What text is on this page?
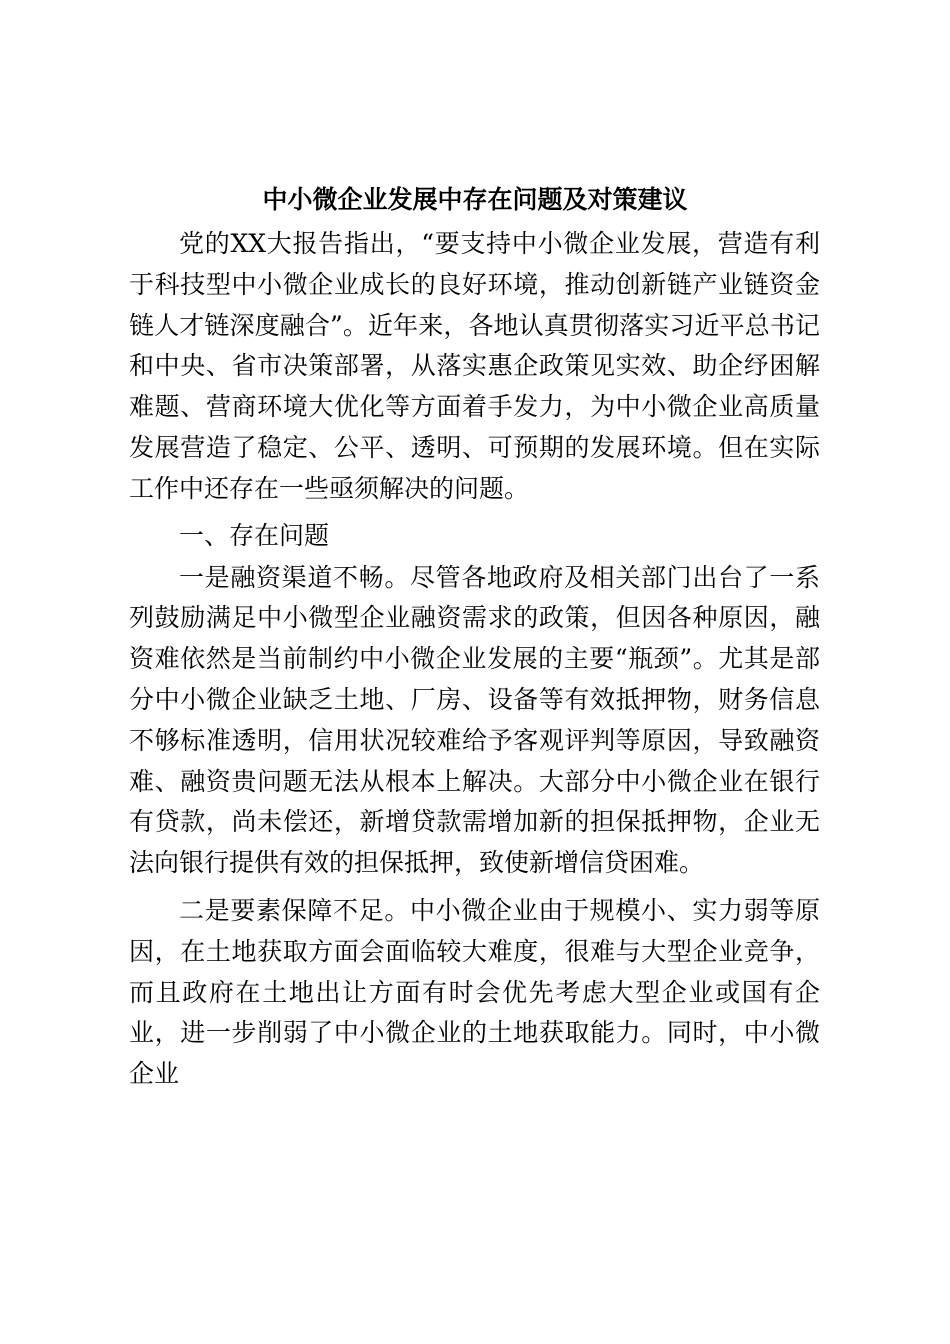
中小微企业发展中存在问题及对策建议

党的XX大报告指出，“要支持中小微企业发展，营造有利于科技型中小微企业成长的良好环境，推动创新链产业链资金链人才链深度融合”。近年来，各地认真贯彻落实习近平总书记和中央、省市决策部署，从落实惠企政策见实效、助企纾困解难题、营商环境大优化等方面着手发力，为中小微企业高质量发展营造了稳定、公平、透明、可预期的发展环境。但在实际工作中还存在一些亟须解决的问题。

一、存在问题

一是融资渠道不畅。尽管各地政府及相关部门出台了一系列鼓励满足中小微型企业融资需求的政策，但因各种原因，融资难依然是当前制约中小微企业发展的主要“瓶颈”。尤其是部分中小微企业缺乏土地、厂房、设备等有效抵押物，财务信息不够标准透明，信用状况较难给予客观评判等原因，导致融资难、融资贵问题无法从根本上解决。大部分中小微企业在银行有贷款，尚未偿还，新增贷款需增加新的担保抵押物，企业无法向银行提供有效的担保抵押，致使新增信贷困难。

二是要素保障不足。中小微企业由于规模小、实力弱等原因，在土地获取方面会面临较大难度，很难与大型企业竞争，而且政府在土地出让方面有时会优先考虑大型企业或国有企业，进一步削弱了中小微企业的土地获取能力。同时，中小微企业
